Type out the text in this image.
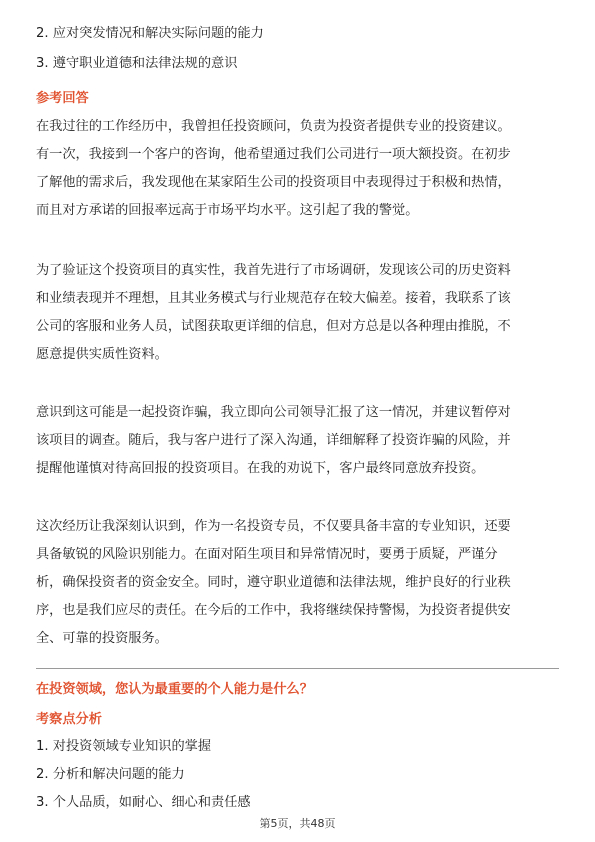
2. 应对突发情况和解决实际问题的能力
3. 遵守职业道德和法律法规的意识
参考回答
在我过往的工作经历中，我曾担任投资顾问，负责为投资者提供专业的投资建议。
有一次，我接到一个客户的咨询，他希望通过我们公司进行一项大额投资。在初步
了解他的需求后，我发现他在某家陌生公司的投资项目中表现得过于积极和热情，
而且对方承诺的回报率远高于市场平均水平。这引起了我的警觉。
为了验证这个投资项目的真实性，我首先进行了市场调研，发现该公司的历史资料
和业绩表现并不理想，且其业务模式与行业规范存在较大偏差。接着，我联系了该
公司的客服和业务人员，试图获取更详细的信息，但对方总是以各种理由推脱，不
愿意提供实质性资料。
意识到这可能是一起投资诈骗，我立即向公司领导汇报了这一情况，并建议暂停对
该项目的调查。随后，我与客户进行了深入沟通，详细解释了投资诈骗的风险，并
提醒他谨慎对待高回报的投资项目。在我的劝说下，客户最终同意放弃投资。
这次经历让我深刻认识到，作为一名投资专员，不仅要具备丰富的专业知识，还要
具备敏锐的风险识别能力。在面对陌生项目和异常情况时，要勇于质疑，严谨分
析，确保投资者的资金安全。同时，遵守职业道德和法律法规，维护良好的行业秩
序，也是我们应尽的责任。在今后的工作中，我将继续保持警惕，为投资者提供安
全、可靠的投资服务。
在投资领域，您认为最重要的个人能力是什么？
考察点分析
1. 对投资领域专业知识的掌握
2. 分析和解决问题的能力
3. 个人品质，如耐心、细心和责任感
第5页，共48页
